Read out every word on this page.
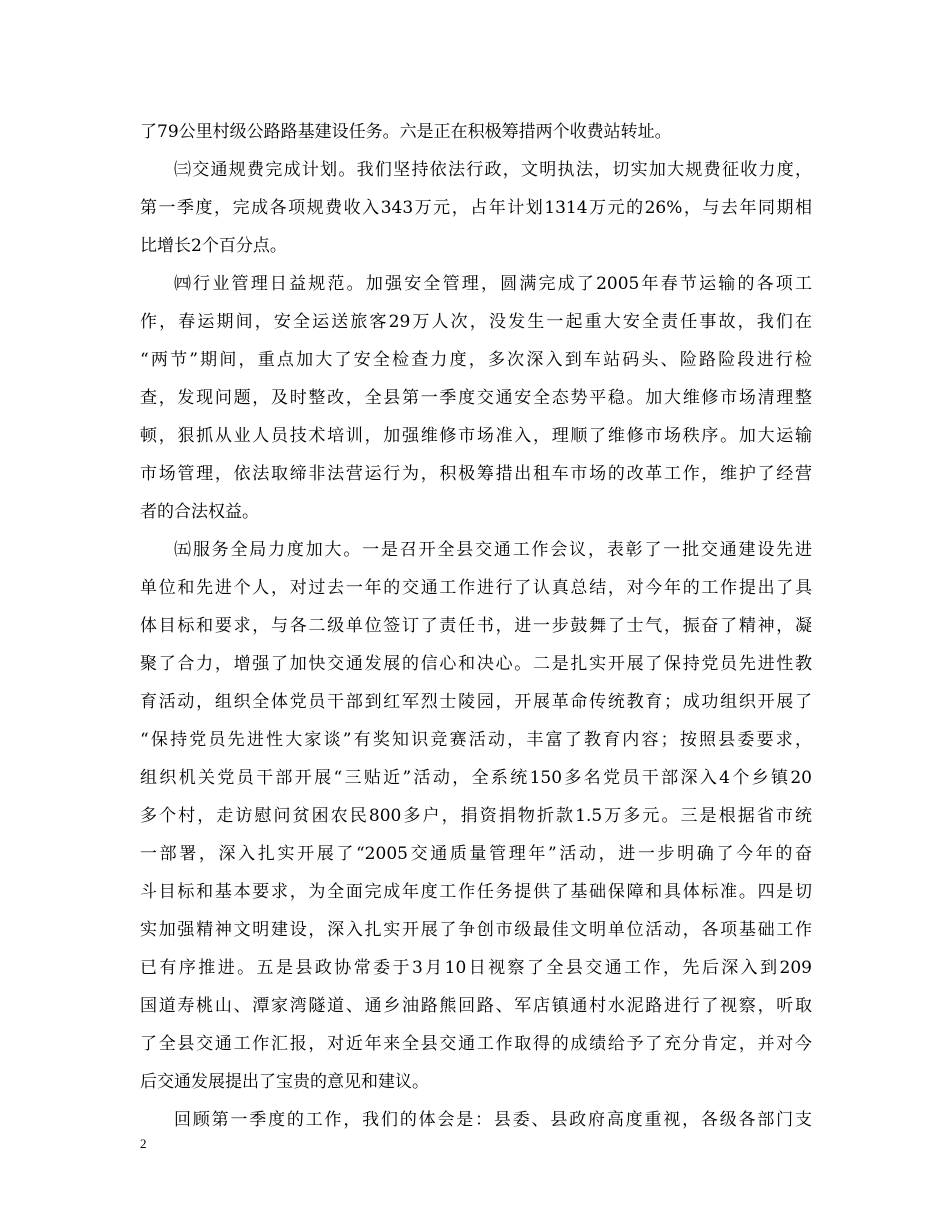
了79公里村级公路路基建设任务。六是正在积极筹措两个收费站转址。
㈢交通规费完成计划。我们坚持依法行政，文明执法，切实加大规费征收力度，
第一季度，完成各项规费收入343万元，占年计划1314万元的26%，与去年同期相
比增长2个百分点。
㈣行业管理日益规范。加强安全管理，圆满完成了2005年春节运输的各项工
作，春运期间，安全运送旅客29万人次，没发生一起重大安全责任事故，我们在
“两节”期间，重点加大了安全检查力度，多次深入到车站码头、险路险段进行检
查，发现问题，及时整改，全县第一季度交通安全态势平稳。加大维修市场清理整
顿，狠抓从业人员技术培训，加强维修市场准入，理顺了维修市场秩序。加大运输
市场管理，依法取缔非法营运行为，积极筹措出租车市场的改革工作，维护了经营
者的合法权益。
㈤服务全局力度加大。一是召开全县交通工作会议，表彰了一批交通建设先进
单位和先进个人，对过去一年的交通工作进行了认真总结，对今年的工作提出了具
体目标和要求，与各二级单位签订了责任书，进一步鼓舞了士气，振奋了精神，凝
聚了合力，增强了加快交通发展的信心和决心。二是扎实开展了保持党员先进性教
育活动，组织全体党员干部到红军烈士陵园，开展革命传统教育；成功组织开展了
“保持党员先进性大家谈”有奖知识竞赛活动，丰富了教育内容；按照县委要求，
组织机关党员干部开展“三贴近”活动，全系统150多名党员干部深入4个乡镇20
多个村，走访慰问贫困农民800多户，捐资捐物折款1.5万多元。三是根据省市统
一部署，深入扎实开展了“2005交通质量管理年”活动，进一步明确了今年的奋
斗目标和基本要求，为全面完成年度工作任务提供了基础保障和具体标准。四是切
实加强精神文明建设，深入扎实开展了争创市级最佳文明单位活动，各项基础工作
已有序推进。五是县政协常委于3月10日视察了全县交通工作，先后深入到209
国道寿桃山、潭家湾隧道、通乡油路熊回路、军店镇通村水泥路进行了视察，听取
了全县交通工作汇报，对近年来全县交通工作取得的成绩给予了充分肯定，并对今
后交通发展提出了宝贵的意见和建议。
回顾第一季度的工作，我们的体会是：县委、县政府高度重视，各级各部门支
2
